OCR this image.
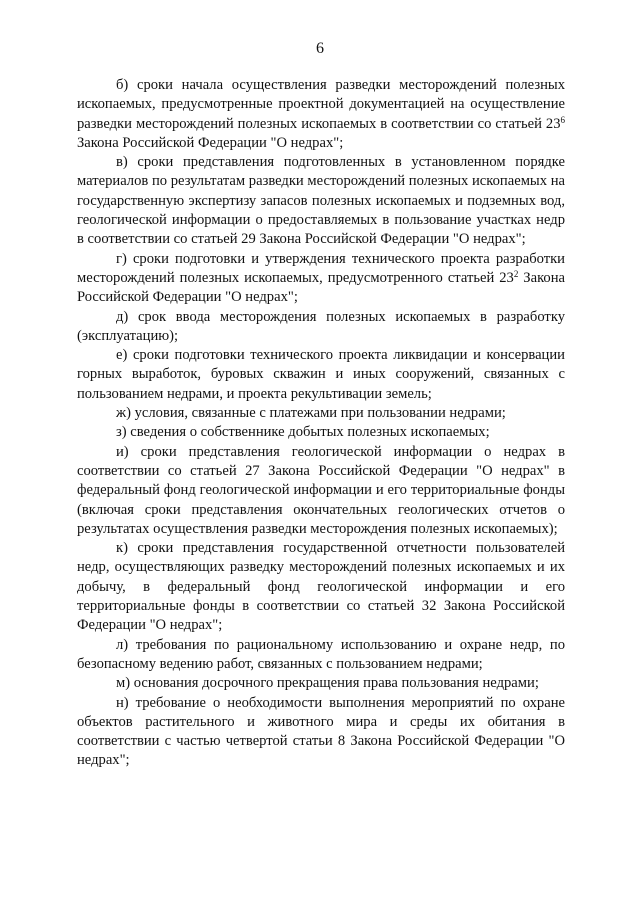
6

б) сроки начала осуществления разведки месторождений полезных ископаемых, предусмотренные проектной документацией на осуществление разведки месторождений полезных ископаемых в соответствии со статьей $23^6$ Закона Российской Федерации "О недрах";

в) сроки представления подготовленных в установленном порядке материалов по результатам разведки месторождений полезных ископаемых на государственную экспертизу запасов полезных ископаемых и подземных вод, геологической информации о предоставляемых в пользование участках недр в соответствии со статьей 29 Закона Российской Федерации "О недрах";

г) сроки подготовки и утверждения технического проекта разработки месторождений полезных ископаемых, предусмотренного статьей $23^2$ Закона Российской Федерации "О недрах";

д) срок ввода месторождения полезных ископаемых в разработку (эксплуатацию);

е) сроки подготовки технического проекта ликвидации и консервации горных выработок, буровых скважин и иных сооружений, связанных с пользованием недрами, и проекта рекультивации земель;

ж) условия, связанные с платежами при пользовании недрами;

з) сведения о собственнике добытых полезных ископаемых;

и) сроки представления геологической информации о недрах в соответствии со статьей 27 Закона Российской Федерации "О недрах" в федеральный фонд геологической информации и его территориальные фонды (включая сроки представления окончательных геологических отчетов о результатах осуществления разведки месторождения полезных ископаемых);

к) сроки представления государственной отчетности пользователей недр, осуществляющих разведку месторождений полезных ископаемых и их добычу, в федеральный фонд геологической информации и его территориальные фонды в соответствии со статьей 32 Закона Российской Федерации "О недрах";

л) требования по рациональному использованию и охране недр, по безопасному ведению работ, связанных с пользованием недрами;

м) основания досрочного прекращения права пользования недрами;

н) требование о необходимости выполнения мероприятий по охране объектов растительного и животного мира и среды их обитания в соответствии с частью четвертой статьи 8 Закона Российской Федерации "О недрах";
